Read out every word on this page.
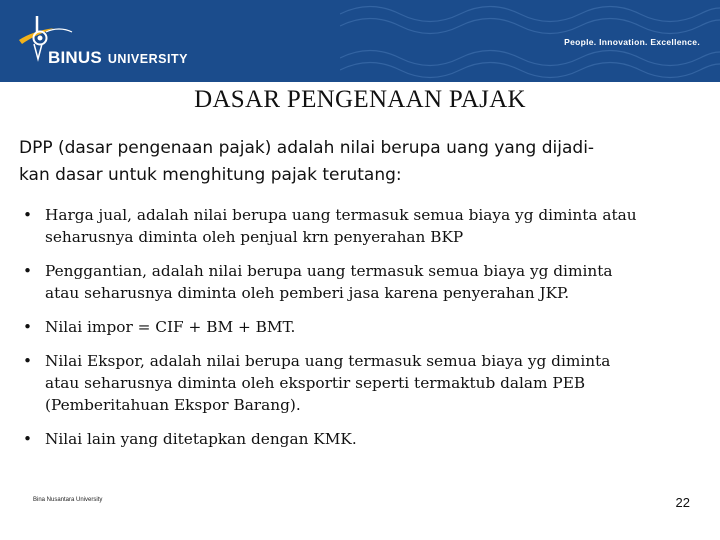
BINUS UNIVERSITY
People. Innovation. Excellence.
DASAR PENGENAAN PAJAK
DPP (dasar pengenaan pajak) adalah nilai berupa uang yang dijadi-
kan dasar untuk menghitung pajak terutang:
• Harga jual, adalah nilai berupa uang termasuk semua biaya yg diminta atau
seharusnya diminta oleh penjual krn penyerahan BKP
• Penggantian, adalah nilai berupa uang termasuk semua biaya yg diminta
atau seharusnya diminta oleh pemberi jasa karena penyerahan JKP.
• Nilai impor = CIF + BM + BMT.
• Nilai Ekspor, adalah nilai berupa uang termasuk semua biaya yg diminta
atau seharusnya diminta oleh eksportir seperti termaktub dalam PEB
(Pemberitahuan Ekspor Barang).
• Nilai lain yang ditetapkan dengan KMK.
Bina Nusantara University	22
